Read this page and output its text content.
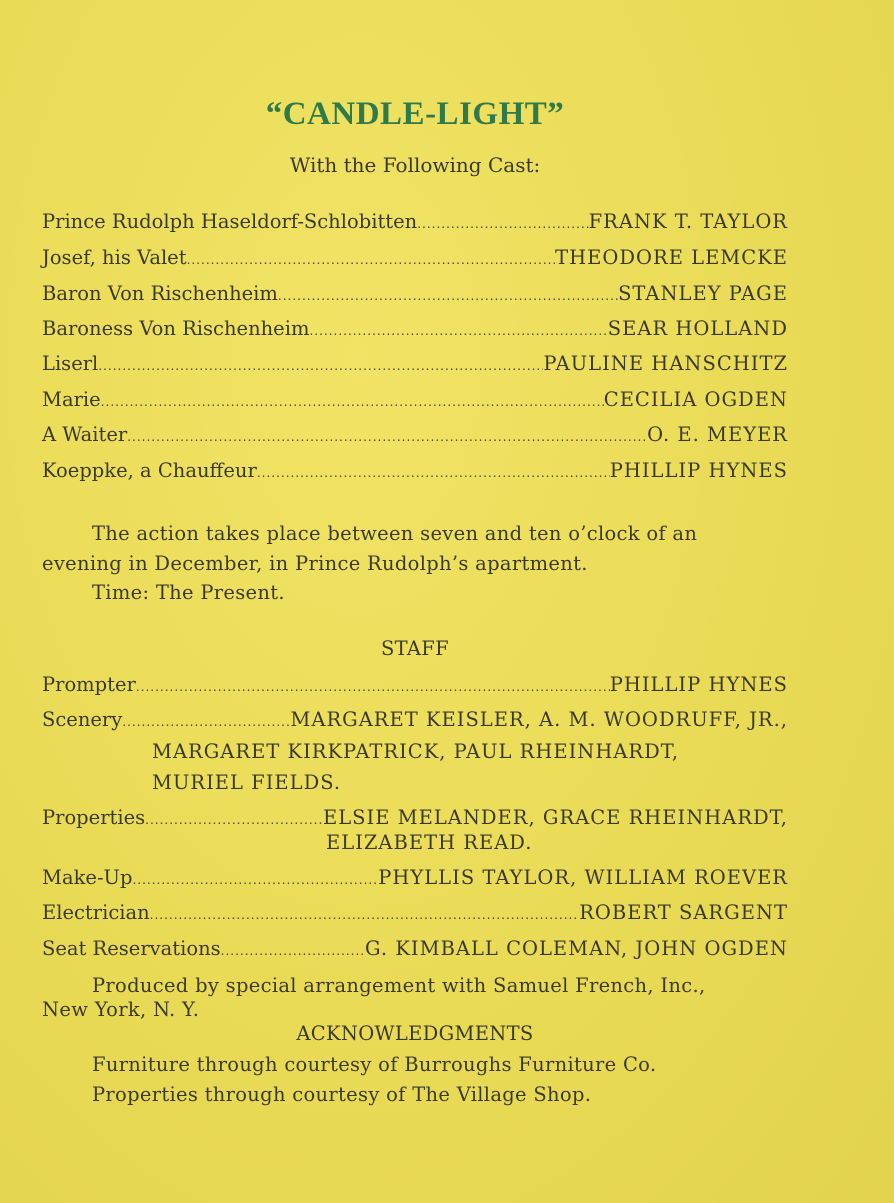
“CANDLE-LIGHT”
With the Following Cast:
Prince Rudolph Haseldorf-Schlobitten .....	FRANK T. TAYLOR
Josef, his Valet .....	THEODORE LEMCKE
Baron Von Rischenheim .....	STANLEY PAGE
Baroness Von Rischenheim .....	SEAR HOLLAND
Liserl .....	PAULINE HANSCHITZ
Marie .....	CECILIA OGDEN
A Waiter .....	O. E. MEYER
Koeppke, a Chauffeur .....	PHILLIP HYNES
The action takes place between seven and ten o’clock of an
evening in December, in Prince Rudolph’s apartment.
Time: The Present.
STAFF
Prompter .....	PHILLIP HYNES
Scenery .....	MARGARET KEISLER, A. M. WOODRUFF, JR.,
MARGARET KIRKPATRICK, PAUL RHEINHARDT,
MURIEL FIELDS.
Properties .....	ELSIE MELANDER, GRACE RHEINHARDT,
ELIZABETH READ.
Make-Up .....	PHYLLIS TAYLOR, WILLIAM ROEVER
Electrician .....	ROBERT SARGENT
Seat Reservations .....	G. KIMBALL COLEMAN, JOHN OGDEN
Produced by special arrangement with Samuel French, Inc.,
New York, N. Y.
ACKNOWLEDGMENTS
Furniture through courtesy of Burroughs Furniture Co.
Properties through courtesy of The Village Shop.
